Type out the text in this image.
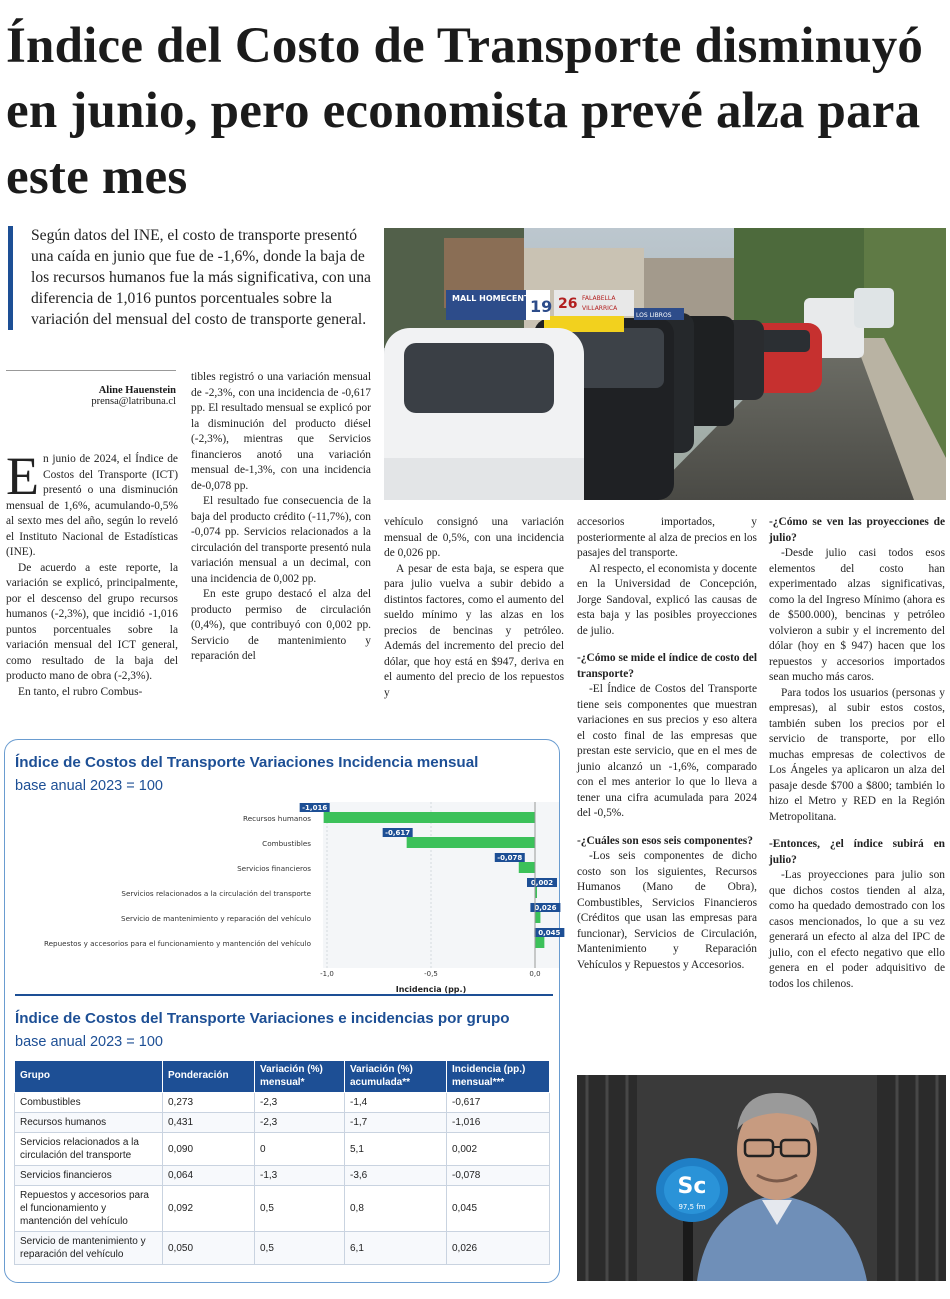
Índice del Costo de Transporte disminuyó en junio, pero economista prevé alza para este mes
Según datos del INE, el costo de transporte presentó una caída en junio que fue de -1,6%, donde la baja de los recursos humanos fue la más significativa, con una diferencia de 1,016 puntos porcentuales sobre la variación del mensual del costo de transporte general.
MALL HOMECENTER
19 26 FALABELLA
VILLARRICA
LOS LIBROS
Aline Hauenstein
prensa@latribuna.cl

En junio de 2024, el Índice de Costos del Transporte (ICT) presentó o una disminución mensual de 1,6%, acumulando-0,5% al sexto mes del año, según lo reveló el Instituto Nacional de Estadísticas (INE).

De acuerdo a este reporte, la variación se explicó, principalmente, por el descenso del grupo recursos humanos (-2,3%), que incidió -1,016 puntos porcentuales sobre la variación mensual del ICT general, como resultado de la baja del producto mano de obra (-2,3%).

En tanto, el rubro Combus-

tibles registró o una variación mensual de -2,3%, con una incidencia de -0,617 pp. El resultado mensual se explicó por la disminución del producto diésel (-2,3%), mientras que Servicios financieros anotó una variación mensual de-1,3%, con una incidencia de-0,078 pp.

El resultado fue consecuencia de la baja del producto crédito (-11,7%), con -0,074 pp. Servicios relacionados a la circulación del transporte presentó nula variación mensual a un decimal, con una incidencia de 0,002 pp.

En este grupo destacó el alza del producto permiso de circulación (0,4%), que contribuyó con 0,002 pp. Servicio de mantenimiento y reparación del

vehículo consignó una variación mensual de 0,5%, con una incidencia de 0,026 pp.

A pesar de esta baja, se espera que para julio vuelva a subir debido a distintos factores, como el aumento del sueldo mínimo y las alzas en los precios de bencinas y petróleo. Además del incremento del precio del dólar, que hoy está en $947, deriva en el aumento del precio de los repuestos y

accesorios importados, y posteriormente al alza de precios en los pasajes del transporte.

Al respecto, el economista y docente en la Universidad de Concepción, Jorge Sandoval, explicó las causas de esta baja y las posibles proyecciones de julio.

-¿Cómo se mide el índice de costo del transporte?

-El Índice de Costos del Transporte tiene seis componentes que muestran variaciones en sus precios y eso altera el costo final de las empresas que prestan este servicio, que en el mes de junio alcanzó un -1,6%, comparado con el mes anterior lo que lo lleva a tener una cifra acumulada para 2024 del -0,5%.

-¿Cuáles son esos seis componentes?

-Los seis componentes de dicho costo son los siguientes, Recursos Humanos (Mano de Obra), Combustibles, Servicios Financieros (Créditos que usan las empresas para funcionar), Servicios de Circulación, Mantenimiento y Reparación Vehículos y Repuestos y Accesorios.

-¿Cómo se ven las proyecciones de julio?

-Desde julio casi todos esos elementos del costo han experimentado alzas significativas, como la del Ingreso Mínimo (ahora es de $500.000), bencinas y petróleo volvieron a subir y el incremento del dólar (hoy en $ 947) hacen que los repuestos y accesorios importados sean mucho más caros.

Para todos los usuarios (personas y empresas), al subir estos costos, también suben los precios por el servicio de transporte, por ello muchas empresas de colectivos de Los Ángeles ya aplicaron un alza del pasaje desde $700 a $800; también lo hizo el Metro y RED en la Región Metropolitana.

-Entonces, ¿el índice subirá en julio?

-Las proyecciones para julio son que dichos costos tienden al alza, como ha quedado demostrado con los casos mencionados, lo que a su vez generará un efecto al alza del IPC de julio, con el efecto negativo que ello genera en el poder adquisitivo de todos los chilenos.

Índice de Costos del Transporte Variaciones Incidencia mensual
base anual 2023 = 100
-1,0	-0,5	0,0
Recursos humanos
-1,016
Combustibles
-0,617
Servicios financieros
-0,078
Servicios relacionados a la circulación del transporte
0,002
Servicio de mantenimiento y reparación del vehículo
0,026
Repuestos y accesorios para el funcionamiento y mantención del vehículo
0,045
Incidencia (pp.)
Índice de Costos del Transporte Variaciones e incidencias por grupo
base anual 2023 = 100
Grupo	Ponderación	Variación (%) mensual*	Variación (%) acumulada**	Incidencia (pp.) mensual***
Combustibles	0,273	-2,3	-1,4	-0,617
Recursos humanos	0,431	-2,3	-1,7	-1,016
Servicios relacionados a la circulación del transporte	0,090	0	5,1	0,002
Servicios financieros	0,064	-1,3	-3,6	-0,078
Repuestos y accesorios para el funcionamiento y mantención del vehículo	0,092	0,5	0,8	0,045
Servicio de mantenimiento y reparación del vehículo	0,050	0,5	6,1	0,026
Sc
97,5 fm
